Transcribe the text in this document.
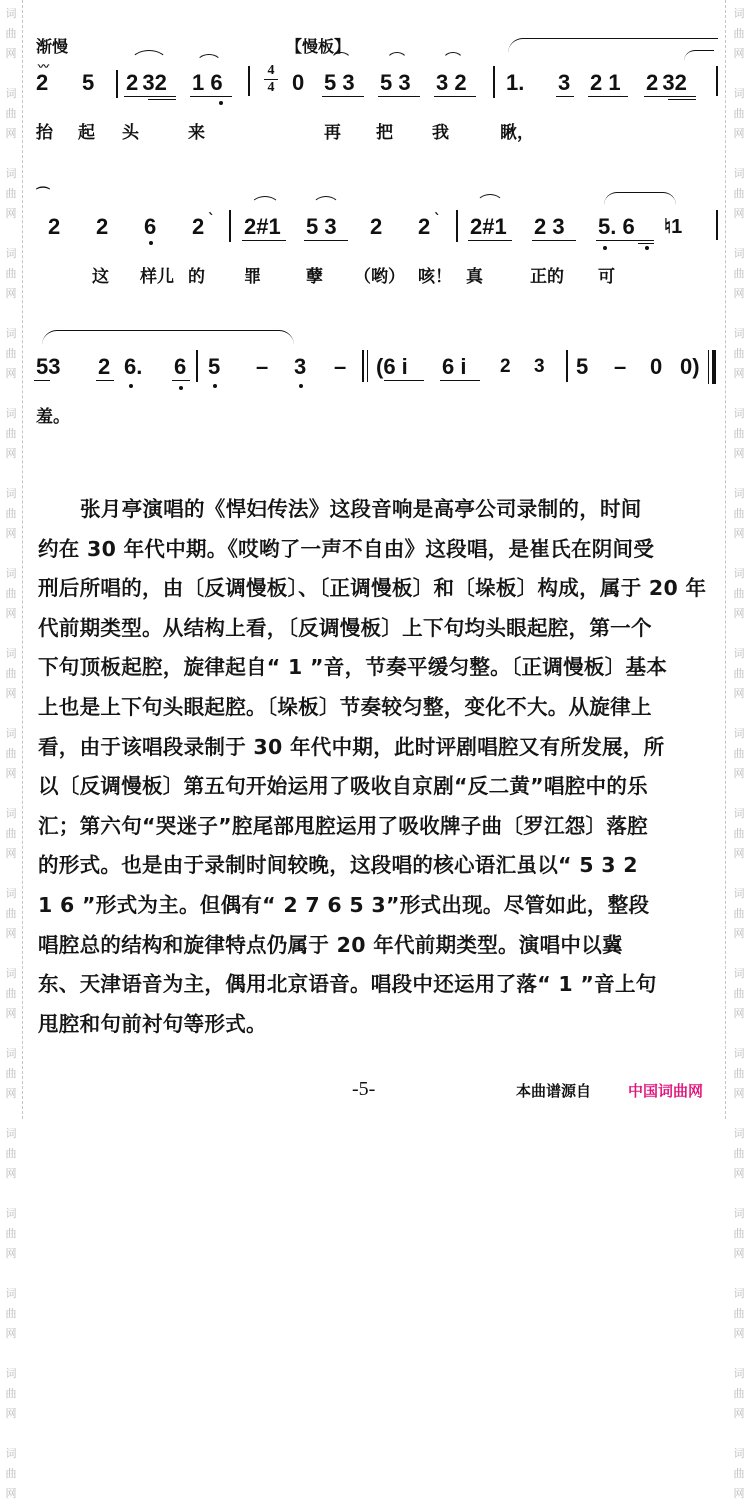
词
曲
网
词
曲
网
词
曲
网
词
曲
网
词
曲
网
词
曲
网
词
曲
网
词
曲
网
词
曲
网
词
曲
网
词
曲
网
词
曲
网
词
曲
网
词
曲
网
词
曲
网
词
曲
网
词
曲
网
词
曲
网
词
曲
网
词
曲
网
词
曲
网
词
曲
网
词
曲
网
词
曲
网
词
曲
网
词
曲
网
词
曲
网
词
曲
网
词
曲
网
词
曲
网
词
曲
网
词
曲
网
词
曲
网
词
曲
网
词
曲
网
词
曲
网
词
曲
网
词
曲
网
渐慢	【慢板】
〰
2 5 2 32 1 6	4
4 0 5 3 5 3 3 2 1. 3 2 1 2 32
抬 起 头	来	再 把 我	瞅，
⌒
2 2 6 2 ˋ 2#1 5 3 2 2 ˋ 2#1 2 3 5. 6 ♮1
这 样儿 的 罪	孽 （哟） 咳！ 真	正的 可
53 2 6. 6 5 – 3 – (6 i 6 i 2 3 5 – 0 0)
羞。
张月亭演唱的《悍妇传法》这段音响是高亭公司录制的，时间
约在 30 年代中期。《哎哟了一声不自由》这段唱，是崔氏在阴间受
刑后所唱的，由〔反调慢板〕、〔正调慢板〕和〔垛板〕构成，属于 20 年
代前期类型。从结构上看，〔反调慢板〕上下句均头眼起腔，第一个
下句顶板起腔，旋律起自“ 1 ”音，节奏平缓匀整。〔正调慢板〕基本
上也是上下句头眼起腔。〔垛板〕节奏较匀整，变化不大。从旋律上
看，由于该唱段录制于 30 年代中期，此时评剧唱腔又有所发展，所
以〔反调慢板〕第五句开始运用了吸收自京剧“反二黄”唱腔中的乐
汇；第六句“哭迷子”腔尾部甩腔运用了吸收牌子曲〔罗江怨〕落腔
的形式。也是由于录制时间较晚，这段唱的核心语汇虽以“ 5 3 2
1 6 ”形式为主。但偶有“ 2 7 6 5 3”形式出现。尽管如此，整段
唱腔总的结构和旋律特点仍属于 20 年代前期类型。演唱中以冀
东、天津语音为主，偶用北京语音。唱段中还运用了落“ 1 ”音上句
甩腔和句前衬句等形式。
-5-	本曲谱源自 中国词曲网
